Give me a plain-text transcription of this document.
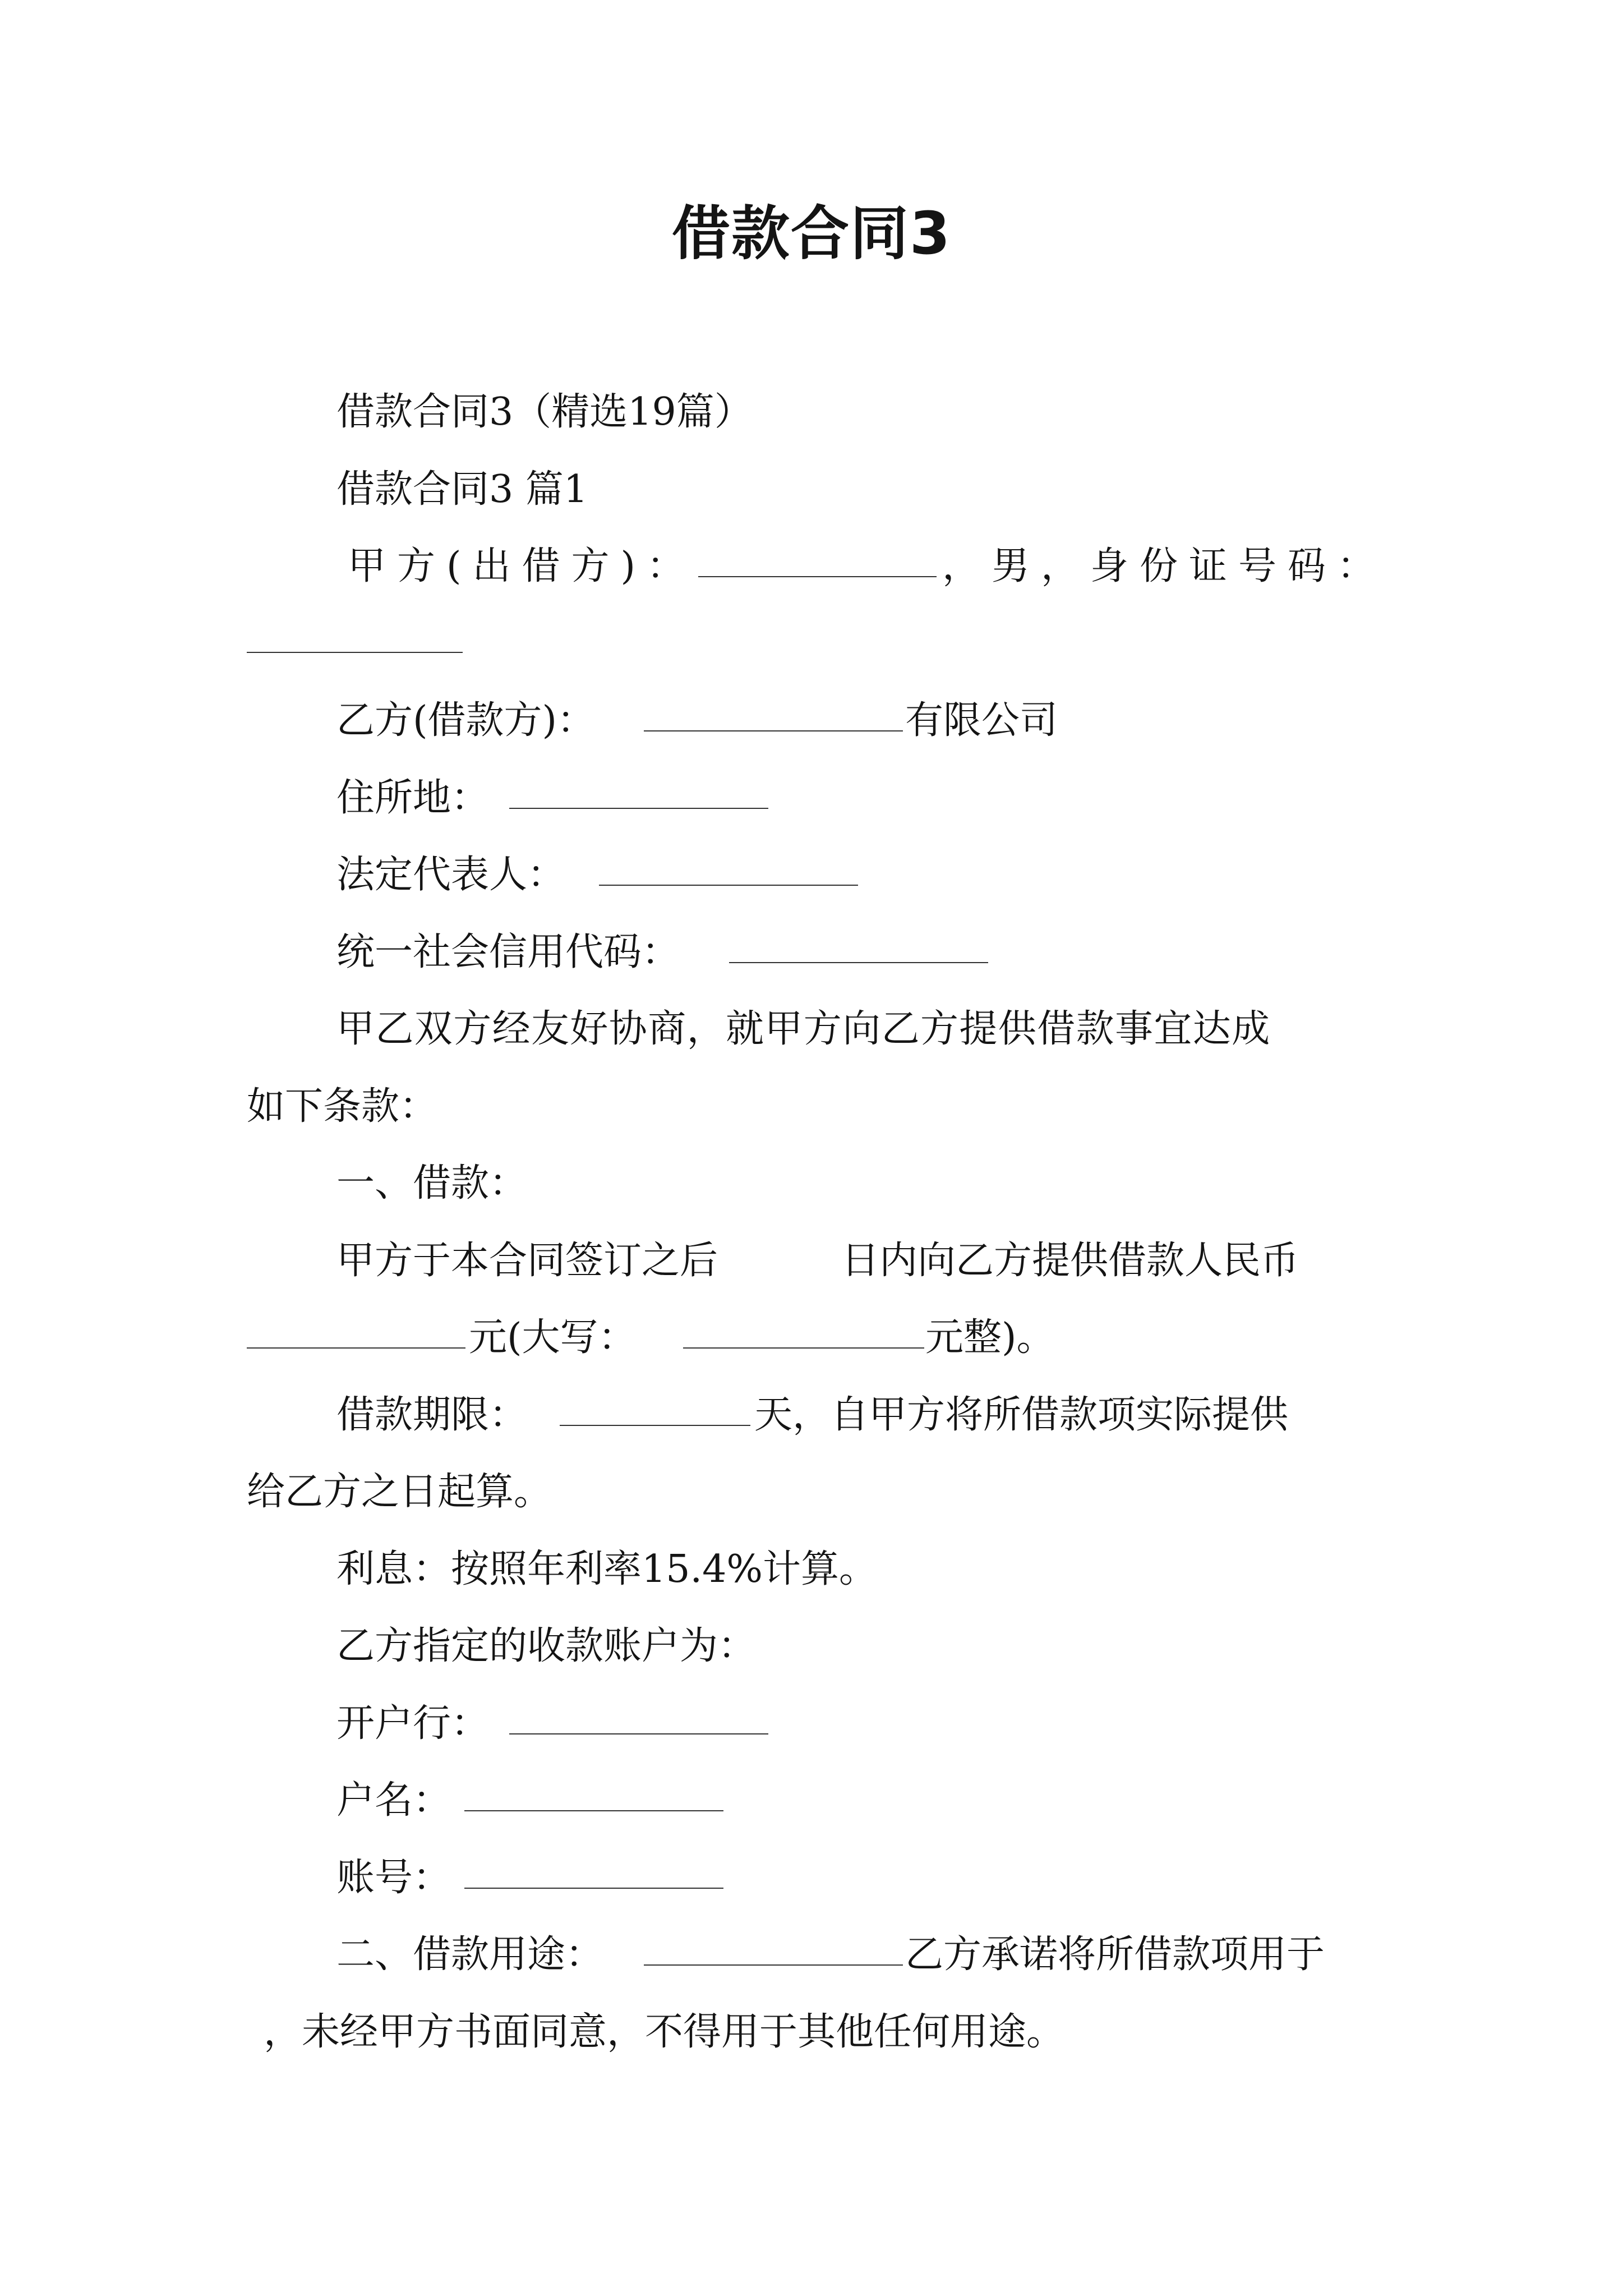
借款合同3
借款合同3（精选19篇）
借款合同3 篇1
甲方(出借方)：	，男，身份证号码：
乙方(借款方)：	有限公司
住所地：
法定代表人：
统一社会信用代码：
甲乙双方经友好协商，就甲方向乙方提供借款事宜达成
如下条款：
一、借款：
甲方于本合同签订之后	日内向乙方提供借款人民币
元(大写：	元整)。
借款期限：	天，自甲方将所借款项实际提供
给乙方之日起算。
利息：按照年利率15.4%计算。
乙方指定的收款账户为：
开户行：
户名：
账号：
二、借款用途：	乙方承诺将所借款项用于
，未经甲方书面同意，不得用于其他任何用途。
